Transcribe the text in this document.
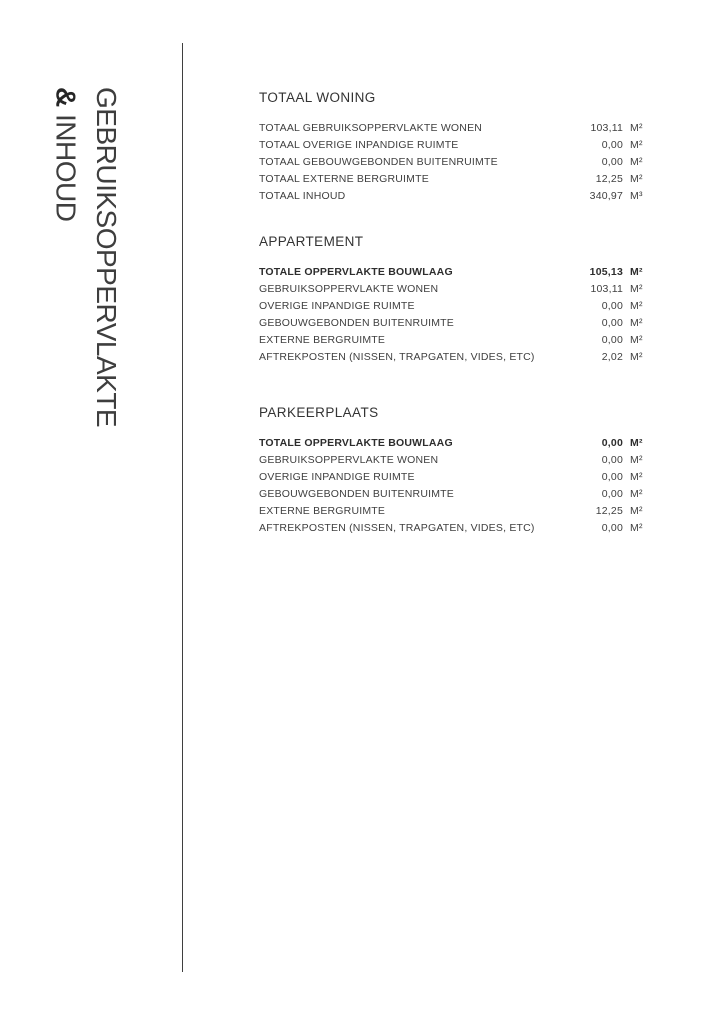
GEBRUIKSOPPERVLAKTE
& INHOUD
TOTAAL WONING
TOTAAL GEBRUIKSOPPERVLAKTE WONEN	103,11 M²
TOTAAL OVERIGE INPANDIGE RUIMTE	0,00 M²
TOTAAL GEBOUWGEBONDEN BUITENRUIMTE	0,00 M²
TOTAAL EXTERNE BERGRUIMTE	12,25 M²
TOTAAL INHOUD	340,97 M³
APPARTEMENT
TOTALE OPPERVLAKTE BOUWLAAG	105,13 M²
GEBRUIKSOPPERVLAKTE WONEN	103,11 M²
OVERIGE INPANDIGE RUIMTE	0,00 M²
GEBOUWGEBONDEN BUITENRUIMTE	0,00 M²
EXTERNE BERGRUIMTE	0,00 M²
AFTREKPOSTEN (NISSEN, TRAPGATEN, VIDES, ETC)	2,02 M²
PARKEERPLAATS
TOTALE OPPERVLAKTE BOUWLAAG	0,00 M²
GEBRUIKSOPPERVLAKTE WONEN	0,00 M²
OVERIGE INPANDIGE RUIMTE	0,00 M²
GEBOUWGEBONDEN BUITENRUIMTE	0,00 M²
EXTERNE BERGRUIMTE	12,25 M²
AFTREKPOSTEN (NISSEN, TRAPGATEN, VIDES, ETC)	0,00 M²
